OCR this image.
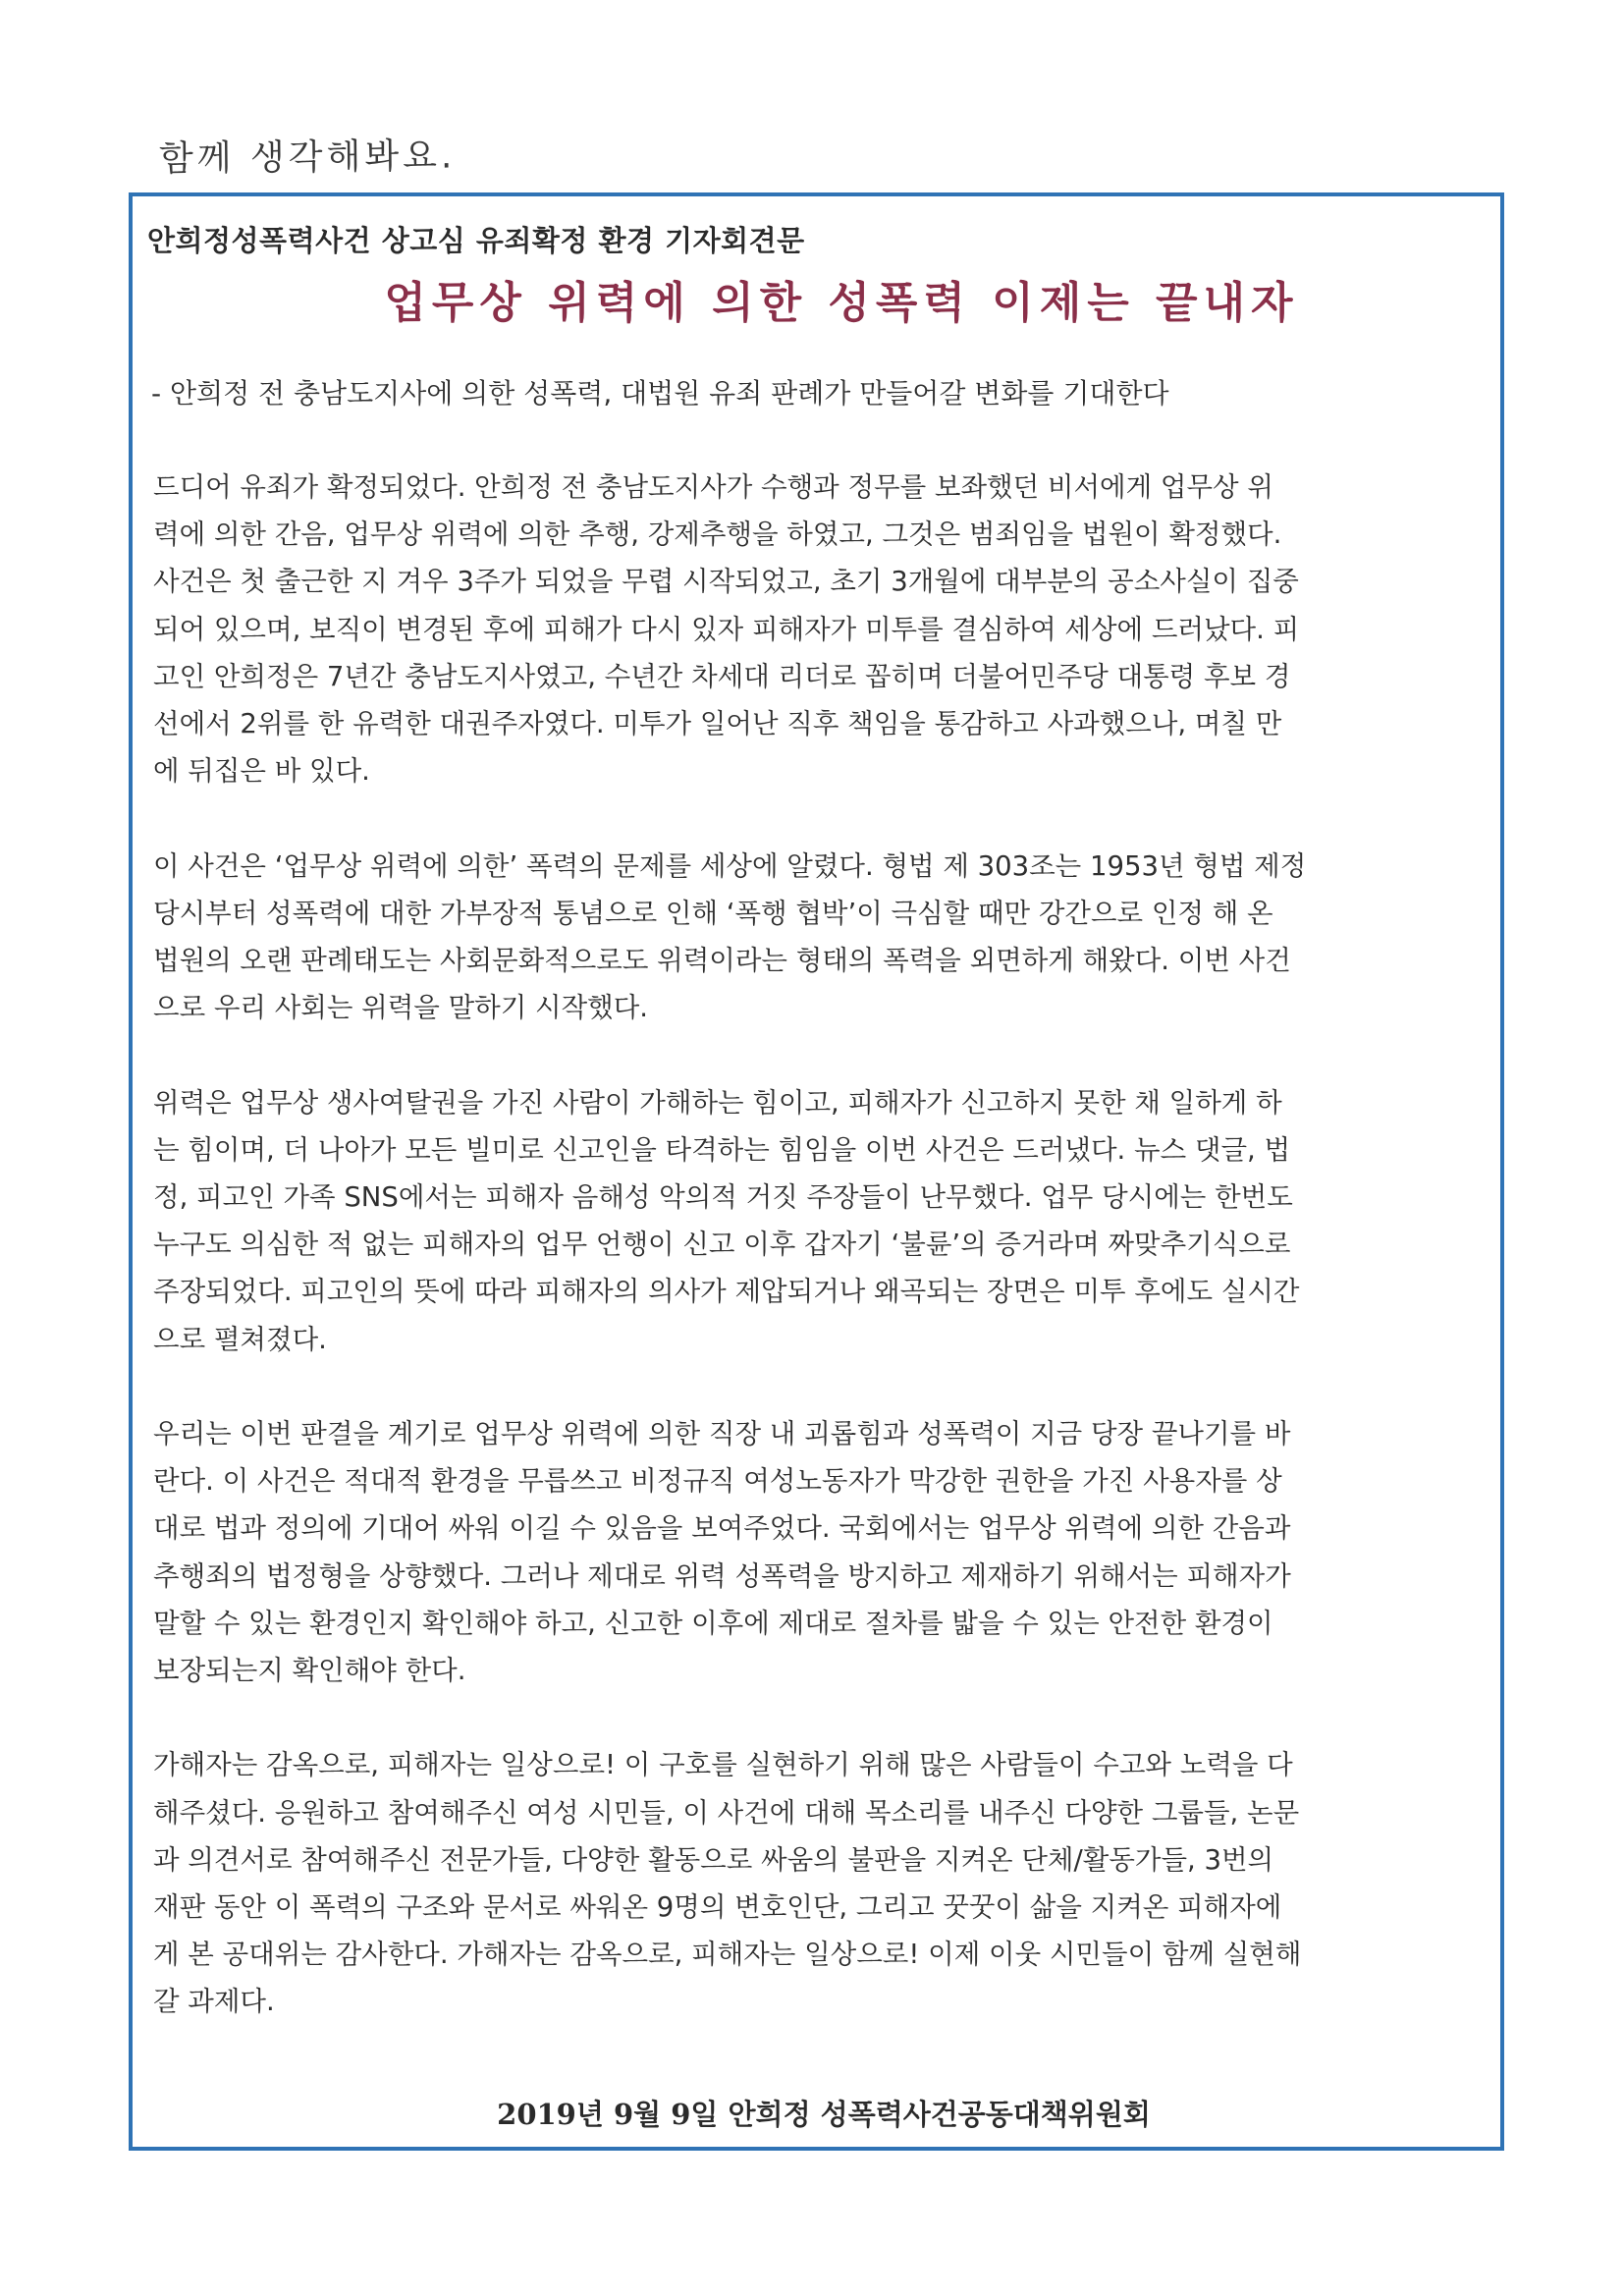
함께 생각해봐요.
안희정성폭력사건 상고심 유죄확정 환경 기자회견문
업무상 위력에 의한 성폭력 이제는 끝내자
- 안희정 전 충남도지사에 의한 성폭력, 대법원 유죄 판례가 만들어갈 변화를 기대한다
드디어 유죄가 확정되었다. 안희정 전 충남도지사가 수행과 정무를 보좌했던 비서에게 업무상 위
력에 의한 간음, 업무상 위력에 의한 추행, 강제추행을 하였고, 그것은 범죄임을 법원이 확정했다.
사건은 첫 출근한 지 겨우 3주가 되었을 무렵 시작되었고, 초기 3개월에 대부분의 공소사실이 집중
되어 있으며, 보직이 변경된 후에 피해가 다시 있자 피해자가 미투를 결심하여 세상에 드러났다. 피
고인 안희정은 7년간 충남도지사였고, 수년간 차세대 리더로 꼽히며 더불어민주당 대통령 후보 경
선에서 2위를 한 유력한 대권주자였다. 미투가 일어난 직후 책임을 통감하고 사과했으나, 며칠 만
에 뒤집은 바 있다.
이 사건은 ‘업무상 위력에 의한’ 폭력의 문제를 세상에 알렸다. 형법 제 303조는 1953년 형법 제정
당시부터 성폭력에 대한 가부장적 통념으로 인해 ‘폭행 협박’이 극심할 때만 강간으로 인정 해 온
법원의 오랜 판례태도는 사회문화적으로도 위력이라는 형태의 폭력을 외면하게 해왔다. 이번 사건
으로 우리 사회는 위력을 말하기 시작했다.
위력은 업무상 생사여탈권을 가진 사람이 가해하는 힘이고, 피해자가 신고하지 못한 채 일하게 하
는 힘이며, 더 나아가 모든 빌미로 신고인을 타격하는 힘임을 이번 사건은 드러냈다. 뉴스 댓글, 법
정, 피고인 가족 SNS에서는 피해자 음해성 악의적 거짓 주장들이 난무했다. 업무 당시에는 한번도
누구도 의심한 적 없는 피해자의 업무 언행이 신고 이후 갑자기 ‘불륜’의 증거라며 짜맞추기식으로
주장되었다. 피고인의 뜻에 따라 피해자의 의사가 제압되거나 왜곡되는 장면은 미투 후에도 실시간
으로 펼쳐졌다.
우리는 이번 판결을 계기로 업무상 위력에 의한 직장 내 괴롭힘과 성폭력이 지금 당장 끝나기를 바
란다. 이 사건은 적대적 환경을 무릅쓰고 비정규직 여성노동자가 막강한 권한을 가진 사용자를 상
대로 법과 정의에 기대어 싸워 이길 수 있음을 보여주었다. 국회에서는 업무상 위력에 의한 간음과
추행죄의 법정형을 상향했다. 그러나 제대로 위력 성폭력을 방지하고 제재하기 위해서는 피해자가
말할 수 있는 환경인지 확인해야 하고, 신고한 이후에 제대로 절차를 밟을 수 있는 안전한 환경이
보장되는지 확인해야 한다.
가해자는 감옥으로, 피해자는 일상으로! 이 구호를 실현하기 위해 많은 사람들이 수고와 노력을 다
해주셨다. 응원하고 참여해주신 여성 시민들, 이 사건에 대해 목소리를 내주신 다양한 그룹들, 논문
과 의견서로 참여해주신 전문가들, 다양한 활동으로 싸움의 불판을 지켜온 단체/활동가들, 3번의
재판 동안 이 폭력의 구조와 문서로 싸워온 9명의 변호인단, 그리고 꿋꿋이 삶을 지켜온 피해자에
게 본 공대위는 감사한다. 가해자는 감옥으로, 피해자는 일상으로! 이제 이웃 시민들이 함께 실현해
갈 과제다.
2019년 9월 9일 안희정 성폭력사건공동대책위원회
